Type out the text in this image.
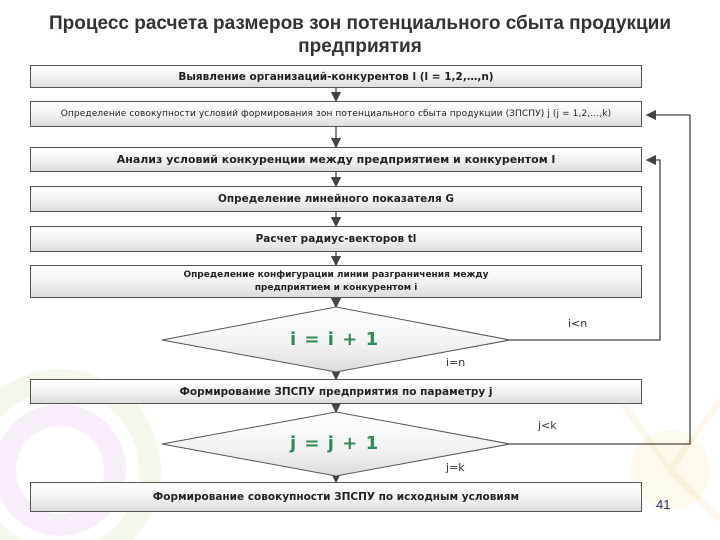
Процесс расчета размеров зон потенциального сбыта продукции предприятия
Выявление организаций-конкурентов l (l = 1,2,…,n)
Определение совокупности условий формирования зон потенциального сбыта продукции (ЗПСПУ) j (j = 1,2,…,k)
Анализ условий конкуренции между предприятием и конкурентом l
Определение линейного показателя G
Расчет радиус-векторов tl
Определение конфигурации линии разграничения между предприятием и конкурентом i
Формирование ЗПСПУ предприятия по параметру j
Формирование совокупности ЗПСПУ по исходным условиям
i = i + 1
j = j + 1
i<n
i=n
j<k
j=k
41
